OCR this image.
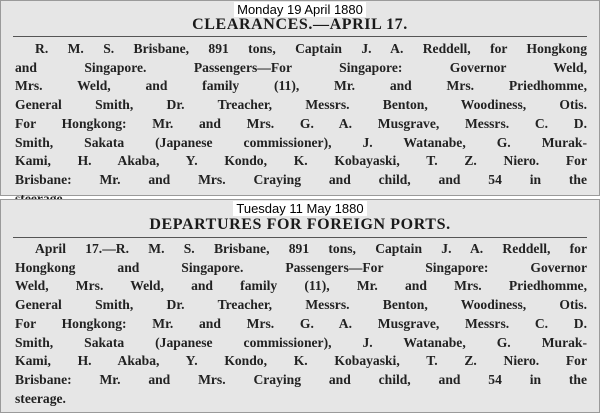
Monday 19 April 1880
CLEARANCES.—APRIL 17.
R. M. S. Brisbane, 891 tons, Captain J. A. Reddell, for Hongkong
and Singapore. Passengers—For Singapore: Governor Weld,
Mrs. Weld, and family (11), Mr. and Mrs. Priedhomme,
General Smith, Dr. Treacher, Messrs. Benton, Woodiness, Otis.
For Hongkong: Mr. and Mrs. G. A. Musgrave, Messrs. C. D.
Smith, Sakata (Japanese commissioner), J. Watanabe, G. Murak-
Kami, H. Akaba, Y. Kondo, K. Kobayaski, T. Z. Niero. For
Brisbane: Mr. and Mrs. Craying and child, and 54 in the
Tuesday 11 May 1880
DEPARTURES FOR FOREIGN PORTS.
April 17.—R. M. S. Brisbane, 891 tons, Captain J. A. Reddell, for
Hongkong and Singapore. Passengers—For Singapore: Governor
Weld, Mrs. Weld, and family (11), Mr. and Mrs. Priedhomme,
General Smith, Dr. Treacher, Messrs. Benton, Woodiness, Otis.
For Hongkong: Mr. and Mrs. G. A. Musgrave, Messrs. C. D.
Smith, Sakata (Japanese commissioner), J. Watanabe, G. Murak-
Kami, H. Akaba, Y. Kondo, K. Kobayaski, T. Z. Niero. For
Brisbane: Mr. and Mrs. Craying and child, and 54 in the
steerage.
